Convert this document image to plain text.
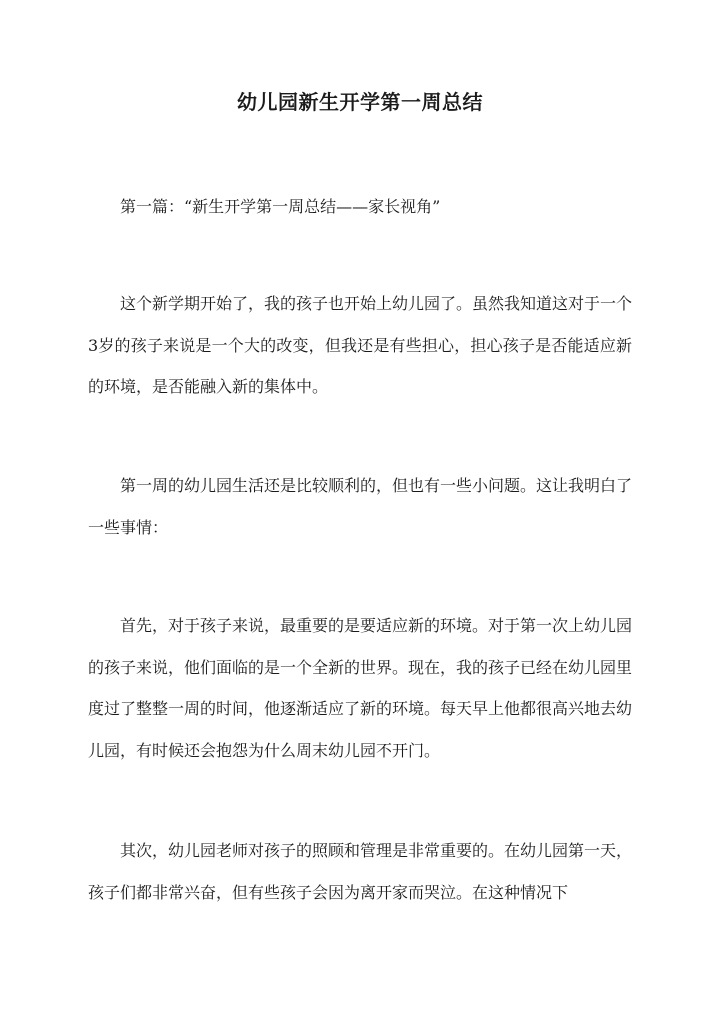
幼儿园新生开学第一周总结

第一篇：“新生开学第一周总结——家长视角”

这个新学期开始了，我的孩子也开始上幼儿园了。虽然我知道这对于一个3岁的孩子来说是一个大的改变，但我还是有些担心，担心孩子是否能适应新的环境，是否能融入新的集体中。

第一周的幼儿园生活还是比较顺利的，但也有一些小问题。这让我明白了一些事情：

首先，对于孩子来说，最重要的是要适应新的环境。对于第一次上幼儿园的孩子来说，他们面临的是一个全新的世界。现在，我的孩子已经在幼儿园里度过了整整一周的时间，他逐渐适应了新的环境。每天早上他都很高兴地去幼儿园，有时候还会抱怨为什么周末幼儿园不开门。

其次，幼儿园老师对孩子的照顾和管理是非常重要的。在幼儿园第一天，孩子们都非常兴奋，但有些孩子会因为离开家而哭泣。在这种情况下
